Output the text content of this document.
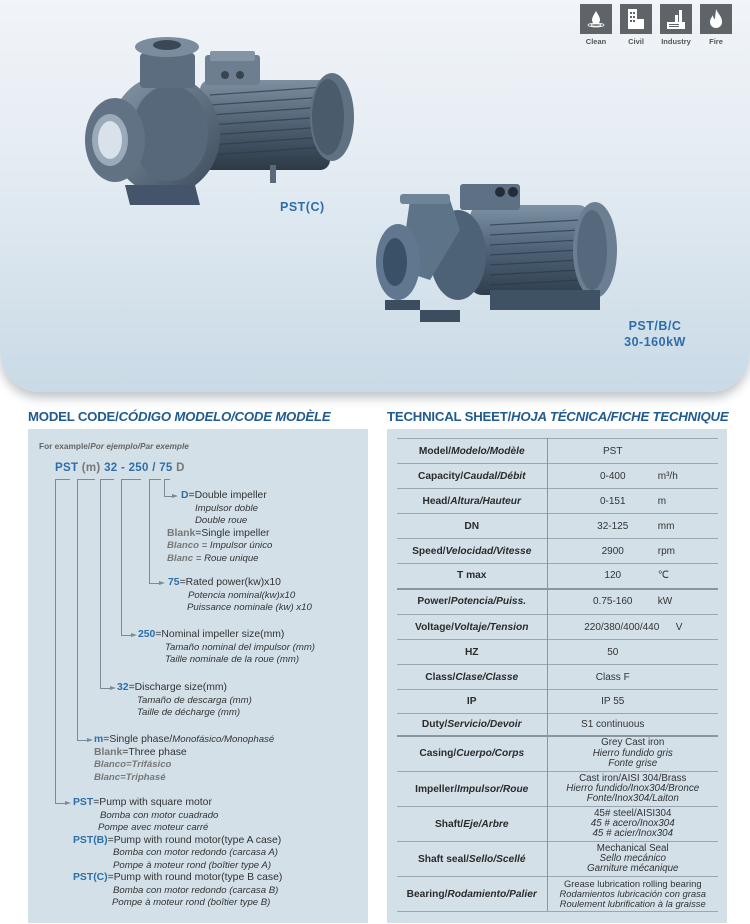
Clean	Civil Industry Fire
PST(C)
PST/B/C
30-160kW
MODEL CODE/CÓDIGO MODELO/CODE MODÈLE
For example/Por ejemplo/Par exemple
PST (m) 32 - 250 / 75 D
D=Double impeller
Impulsor doble
Double roue
Blank=Single impeller
Blanco = Impulsor único
Blanc = Roue unique
75=Rated power(kw)x10
Potencia nominal(kw)x10
Puissance nominale (kw) x10
250=Nominal impeller size(mm)
Tamaño nominal del impulsor (mm)
Taille nominale de la roue (mm)
32=Discharge size(mm)
Tamaño de descarga (mm)
Taille de décharge (mm)
m=Single phase/Monofásico/Monophasé
Blank=Three phase
Blanco=Trifásico
Blanc=Triphasé
PST=Pump with square motor
Bomba con motor cuadrado
Pompe avec moteur carré
PST(B)=Pump with round motor(type A case)
Bomba con motor redondo (carcasa A)
Pompe à moteur rond (boîtier type A)
PST(C)=Pump with round motor(type B case)
Bomba con motor redondo (carcasa B)
Pompe à moteur rond (boîtier type B)
TECHNICAL SHEET/HOJA TÉCNICA/FICHE TECHNIQUE
Model/Modelo/Modèle	PST
Capacity/Caudal/Débit	0-400 m³/h
Head/Altura/Hauteur	0-151 m
DN	32-125 mm
Speed/Velocidad/Vitesse	2900 rpm
T max	120 ℃
Power/Potencia/Puiss.	0.75-160 kW
Voltage/Voltaje/Tension	220/380/400/440 V
HZ	50
Class/Clase/Classe	Class F
IP	IP 55
Duty/Servicio/Devoir	S1 continuous
Casing/Cuerpo/Corps	Grey Cast iron
Hierro fundido gris
Fonte grise

Impeller/Impulsor/Roue	Cast iron/AISI 304/Brass
Hierro fundido/Inox304/Bronce
Fonte/Inox304/Laiton

Shaft/Eje/Arbre	45# steel/AISI304
45 # acero/Inox304
45 # acier/Inox304

Shaft seal/Sello/Scellé	Mechanical Seal
Sello mecánico
Garniture mécanique

Bearing/Rodamiento/Palier	Grease lubrication rolling bearing
Rodamientos lubricación con grasa
Roulement lubrification à la graisse
